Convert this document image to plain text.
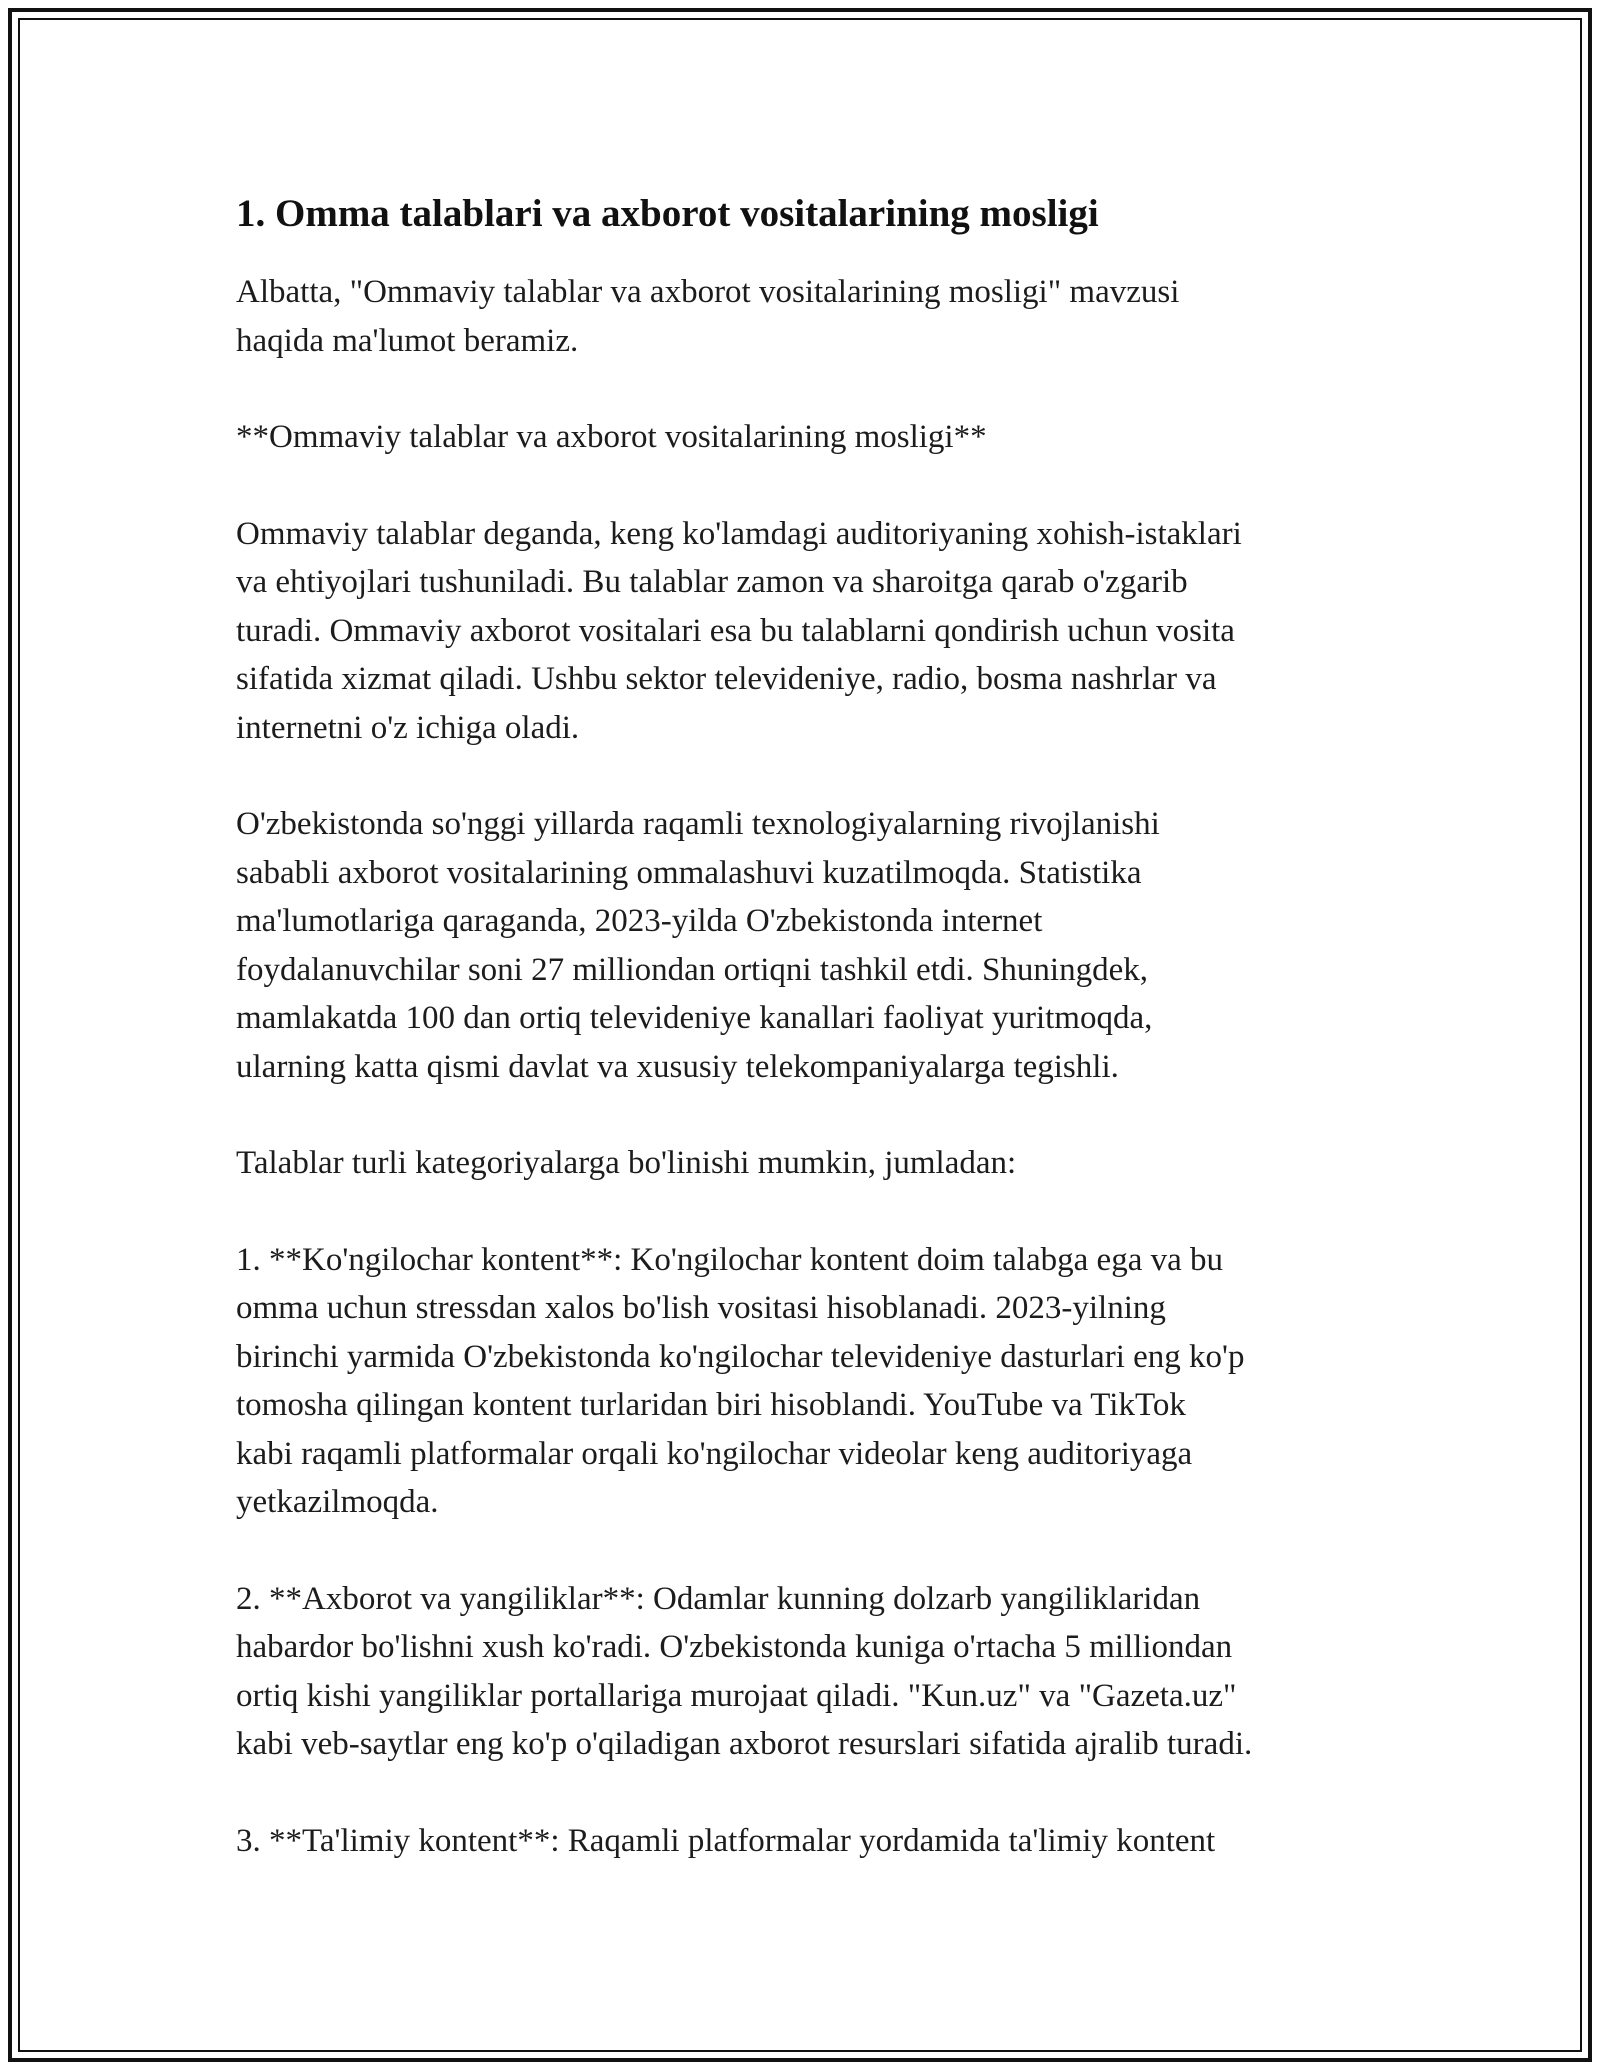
1. Omma talablari va axborot vositalarining mosligi

Albatta, "Ommaviy talablar va axborot vositalarining mosligi" mavzusi
haqida ma'lumot beramiz.

**Ommaviy talablar va axborot vositalarining mosligi**

Ommaviy talablar deganda, keng ko'lamdagi auditoriyaning xohish-istaklari
va ehtiyojlari tushuniladi. Bu talablar zamon va sharoitga qarab o'zgarib
turadi. Ommaviy axborot vositalari esa bu talablarni qondirish uchun vosita
sifatida xizmat qiladi. Ushbu sektor televideniye, radio, bosma nashrlar va
internetni o'z ichiga oladi.

O'zbekistonda so'nggi yillarda raqamli texnologiyalarning rivojlanishi
sababli axborot vositalarining ommalashuvi kuzatilmoqda. Statistika
ma'lumotlariga qaraganda, 2023-yilda O'zbekistonda internet
foydalanuvchilar soni 27 milliondan ortiqni tashkil etdi. Shuningdek,
mamlakatda 100 dan ortiq televideniye kanallari faoliyat yuritmoqda,
ularning katta qismi davlat va xususiy telekompaniyalarga tegishli.

Talablar turli kategoriyalarga bo'linishi mumkin, jumladan:

1. **Ko'ngilochar kontent**: Ko'ngilochar kontent doim talabga ega va bu
omma uchun stressdan xalos bo'lish vositasi hisoblanadi. 2023-yilning
birinchi yarmida O'zbekistonda ko'ngilochar televideniye dasturlari eng ko'p
tomosha qilingan kontent turlaridan biri hisoblandi. YouTube va TikTok
kabi raqamli platformalar orqali ko'ngilochar videolar keng auditoriyaga
yetkazilmoqda.

2. **Axborot va yangiliklar**: Odamlar kunning dolzarb yangiliklaridan
habardor bo'lishni xush ko'radi. O'zbekistonda kuniga o'rtacha 5 milliondan
ortiq kishi yangiliklar portallariga murojaat qiladi. "Kun.uz" va "Gazeta.uz"
kabi veb-saytlar eng ko'p o'qiladigan axborot resurslari sifatida ajralib turadi.

3. **Ta'limiy kontent**: Raqamli platformalar yordamida ta'limiy kontent
